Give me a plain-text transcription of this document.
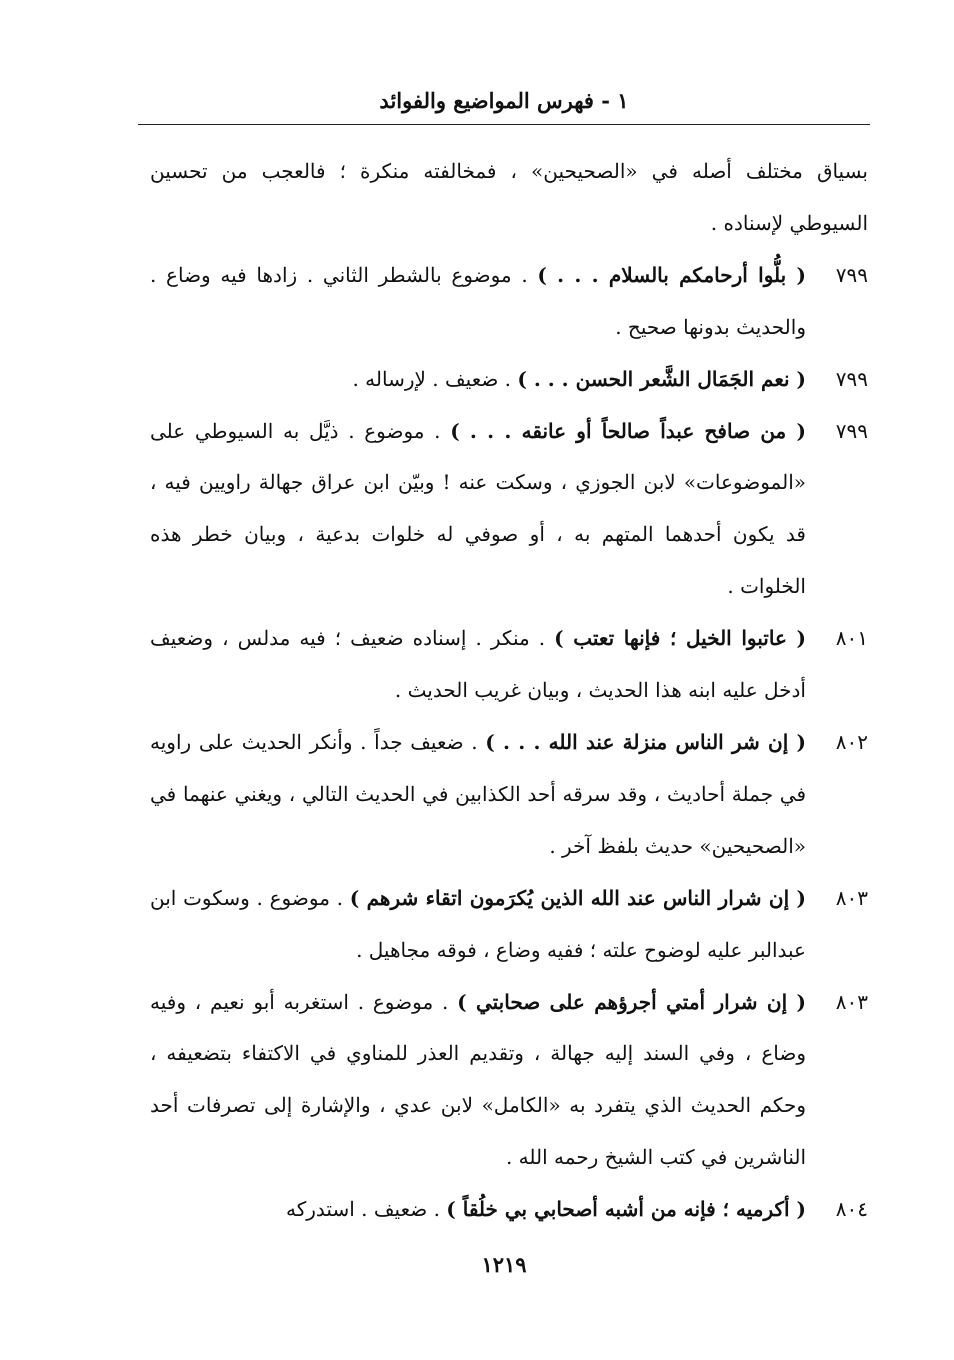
١ - فهرس المواضيع والفوائد

بسياق مختلف أصله في «الصحيحين» ، فمخالفته منكرة ؛ فالعجب من تحسين السيوطي لإسناده .

٧٩٩
( بلُّوا أرحامكم بالسلام . . . ) . موضوع بالشطر الثاني . زادها فيه وضاع . والحديث بدونها صحيح .
٧٩٩
( نعم الجَمَال الشَّعر الحسن . . . ) . ضعيف . لإرساله .
٧٩٩
( من صافح عبداً صالحاً أو عانقه . . . ) . موضوع . ذيَّل به السيوطي على «الموضوعات» لابن الجوزي ، وسكت عنه ! وبيّن ابن عراق جهالة راويين فيه ، قد يكون أحدهما المتهم به ، أو صوفي له خلوات بدعية ، وبيان خطر هذه الخلوات .
٨٠١
( عاتبوا الخيل ؛ فإنها تعتب ) . منكر . إسناده ضعيف ؛ فيه مدلس ، وضعيف أدخل عليه ابنه هذا الحديث ، وبيان غريب الحديث .
٨٠٢
( إن شر الناس منزلة عند الله . . . ) . ضعيف جداً . وأنكر الحديث على راويه في جملة أحاديث ، وقد سرقه أحد الكذابين في الحديث التالي ، ويغني عنهما في «الصحيحين» حديث بلفظ آخر .
٨٠٣
( إن شرار الناس عند الله الذين يُكرَمون اتقاء شرهم ) . موضوع . وسكوت ابن عبدالبر عليه لوضوح علته ؛ ففيه وضاع ، فوقه مجاهيل .
٨٠٣
( إن شرار أمتي أجرؤهم على صحابتي ) . موضوع . استغربه أبو نعيم ، وفيه وضاع ، وفي السند إليه جهالة ، وتقديم العذر للمناوي في الاكتفاء بتضعيفه ، وحكم الحديث الذي يتفرد به «الكامل» لابن عدي ، والإشارة إلى تصرفات أحد الناشرين في كتب الشيخ رحمه الله .
٨٠٤
( أكرميه ؛ فإنه من أشبه أصحابي بي خلُقاً ) . ضعيف . استدركه
١٢١٩
